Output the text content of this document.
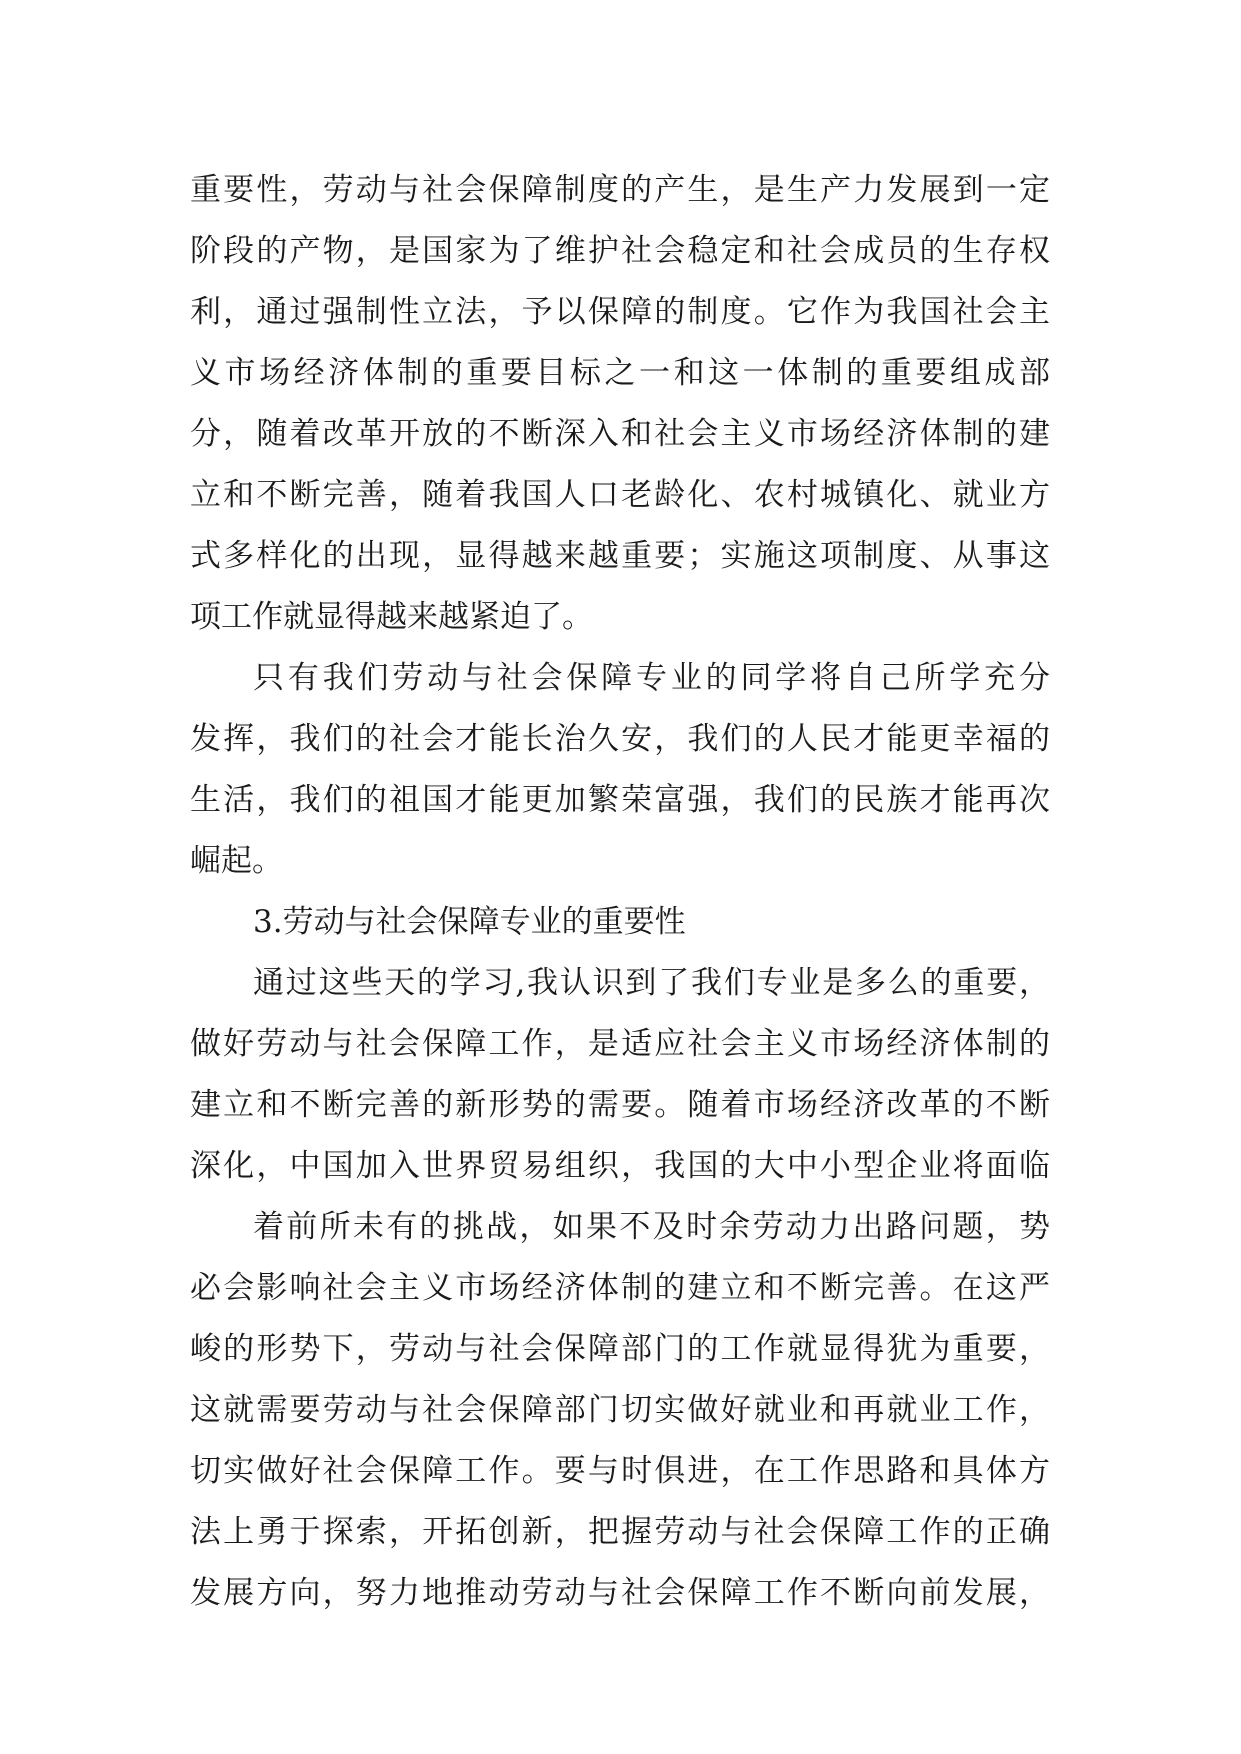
重要性，劳动与社会保障制度的产生，是生产力发展到一定
阶段的产物，是国家为了维护社会稳定和社会成员的生存权
利，通过强制性立法，予以保障的制度。它作为我国社会主
义市场经济体制的重要目标之一和这一体制的重要组成部
分，随着改革开放的不断深入和社会主义市场经济体制的建
立和不断完善，随着我国人口老龄化、农村城镇化、就业方
式多样化的出现，显得越来越重要；实施这项制度、从事这
项工作就显得越来越紧迫了。
只有我们劳动与社会保障专业的同学将自己所学充分
发挥，我们的社会才能长治久安，我们的人民才能更幸福的
生活，我们的祖国才能更加繁荣富强，我们的民族才能再次
崛起。
3.劳动与社会保障专业的重要性
通过这些天的学习,我认识到了我们专业是多么的重要，
做好劳动与社会保障工作，是适应社会主义市场经济体制的
建立和不断完善的新形势的需要。随着市场经济改革的不断
深化，中国加入世界贸易组织，我国的大中小型企业将面临
着前所未有的挑战，如果不及时余劳动力出路问题，势
必会影响社会主义市场经济体制的建立和不断完善。在这严
峻的形势下，劳动与社会保障部门的工作就显得犹为重要，
这就需要劳动与社会保障部门切实做好就业和再就业工作，
切实做好社会保障工作。要与时俱进，在工作思路和具体方
法上勇于探索，开拓创新，把握劳动与社会保障工作的正确
发展方向，努力地推动劳动与社会保障工作不断向前发展，
